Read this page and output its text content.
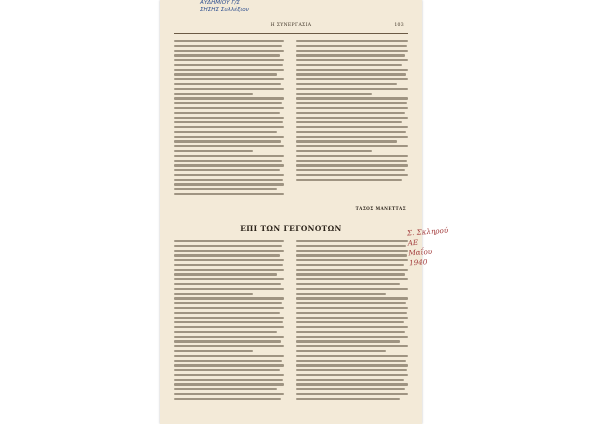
Η ΣΥΝΕΡΓΑΣΙΑ	103
ΤΑΣΟΣ ΜΑΝΕΤΤΑΣ
ΕΠΙ ΤΩΝ ΓΕΓΟΝΟΤΩΝ
ΑΥΔΗΜΙΟΥ Γ/Σ
ΣΗΣΗΣ Συλλέξιον
Σ. Σκληρού
ΑΕ
Μαΐου
1940
